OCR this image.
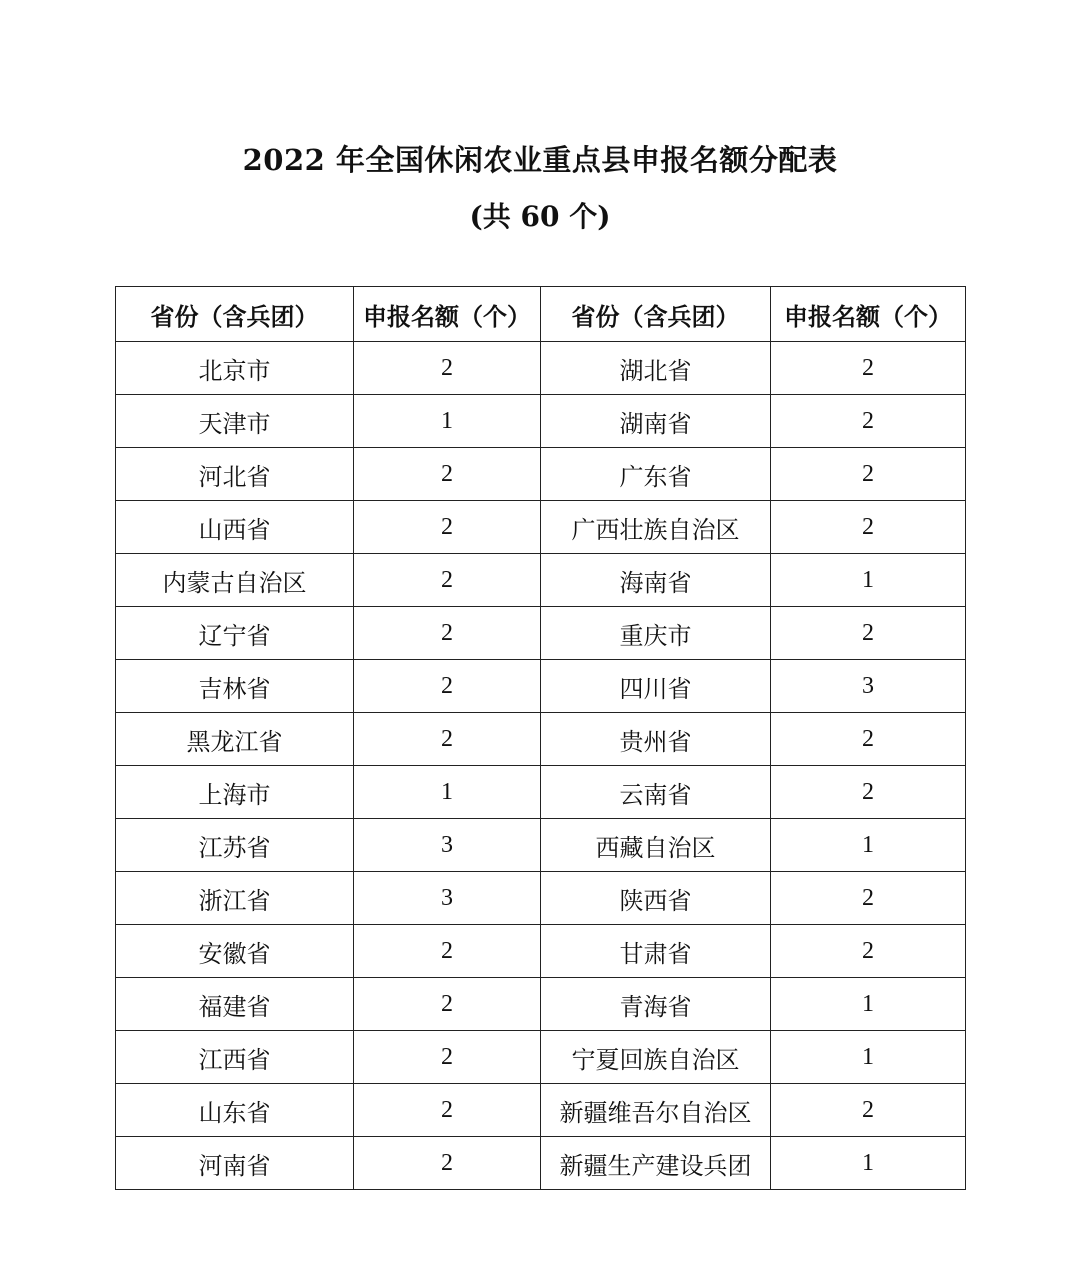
2022 年全国休闲农业重点县申报名额分配表
(共 60 个)
省份（含兵团）	申报名额（个）	省份（含兵团）	申报名额（个）
北京市	2	湖北省	2
天津市	1	湖南省	2
河北省	2	广东省	2
山西省	2	广西壮族自治区	2
内蒙古自治区	2	海南省	1
辽宁省	2	重庆市	2
吉林省	2	四川省	3
黑龙江省	2	贵州省	2
上海市	1	云南省	2
江苏省	3	西藏自治区	1
浙江省	3	陕西省	2
安徽省	2	甘肃省	2
福建省	2	青海省	1
江西省	2	宁夏回族自治区	1
山东省	2	新疆维吾尔自治区	2
河南省	2	新疆生产建设兵团	1
